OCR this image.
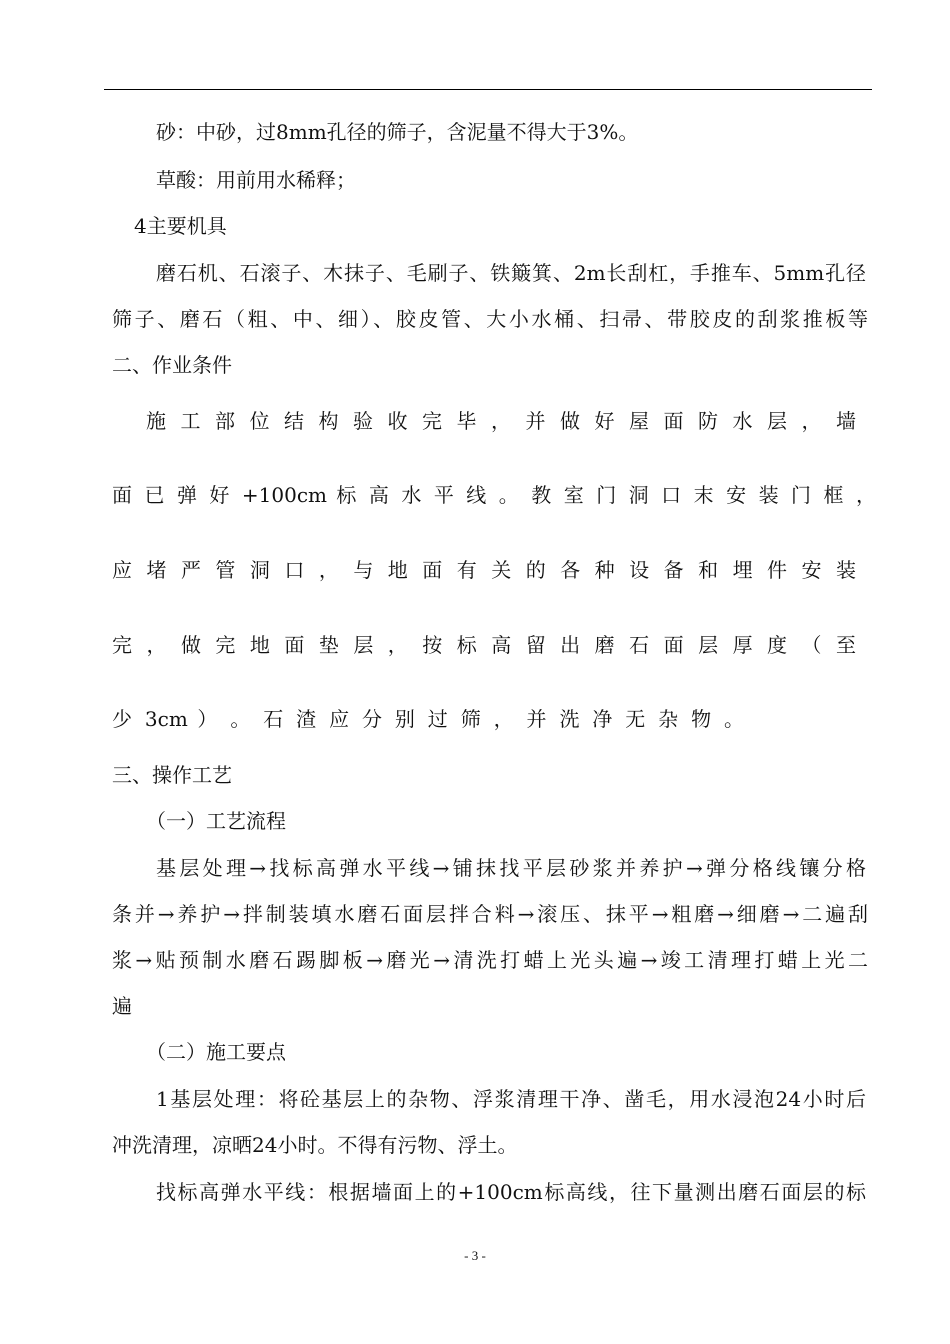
砂：中砂，过8mm孔径的筛子，含泥量不得大于3%。
草酸：用前用水稀释；
4主要机具
磨石机、石滚子、木抹子、毛刷子、铁簸箕、2m长刮杠，手推车、5mm孔径
筛子、磨石（粗、中、细）、胶皮管、大小水桶、扫帚、带胶皮的刮浆推板等
二、作业条件
施 工 部 位 结 构 验 收 完 毕 ， 并 做 好 屋 面 防 水 层 ， 墙
面 已 弹 好 +100cm 标 高 水 平 线 。 教 室 门 洞 口 末 安 装 门 框 ，
应 堵 严 管 洞 口 ， 与 地 面 有 关 的 各 种 设 备 和 埋 件 安 装
完 ， 做 完 地 面 垫 层 ， 按 标 高 留 出 磨 石 面 层 厚 度 （ 至
少 3cm ） 。 石 渣 应 分 别 过 筛 ， 并 洗 净 无 杂 物 。
三、操作工艺
（一）工艺流程
基层处理→找标高弹水平线→铺抹找平层砂浆并养护→弹分格线镶分格
条并→养护→拌制装填水磨石面层拌合料→滚压、抹平→粗磨→细磨→二遍刮
浆→贴预制水磨石踢脚板→磨光→清洗打蜡上光头遍→竣工清理打蜡上光二
遍
（二）施工要点
1基层处理：将砼基层上的杂物、浮浆清理干净、凿毛，用水浸泡24小时后
冲洗清理，凉晒24小时。不得有污物、浮土。
找标高弹水平线：根据墙面上的+100cm标高线，往下量测出磨石面层的标
- 3 -
